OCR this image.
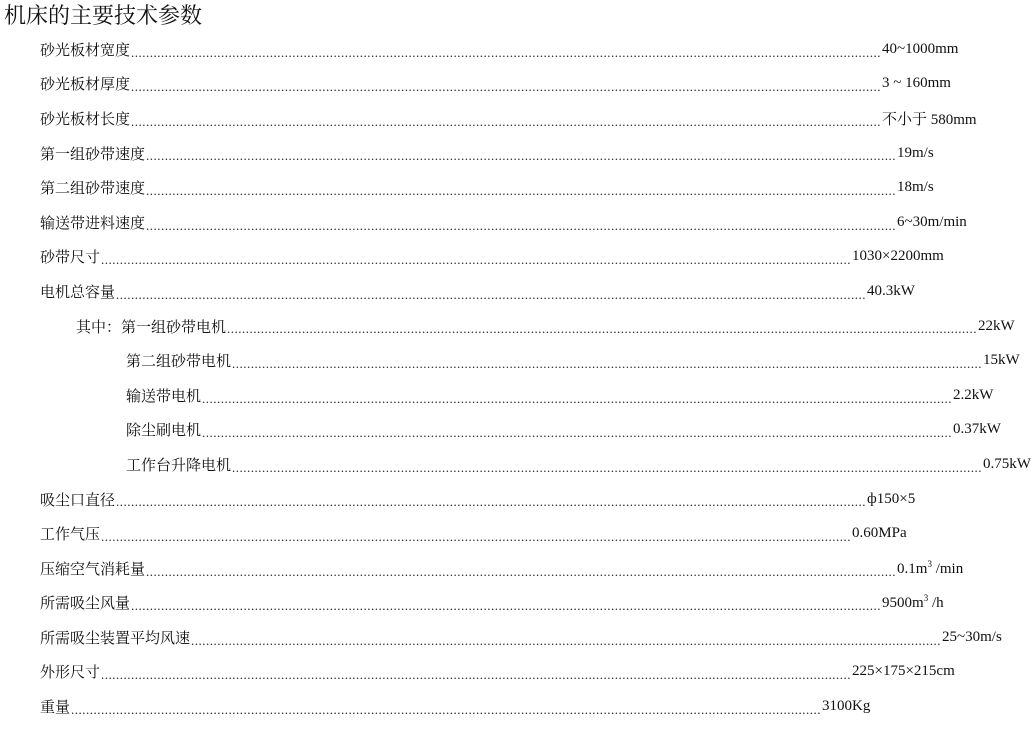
机床的主要技术参数
砂光板材宽度 ........................................................................................................................................................................................................ 40~1000mm
砂光板材厚度 ........................................................................................................................................................................................................ 3 ~ 160mm
砂光板材长度 ........................................................................................................................................................................................................ 不小于 580mm
第一组砂带速度 ........................................................................................................................................................................................................ 19m/s
第二组砂带速度 ........................................................................................................................................................................................................ 18m/s
输送带进料速度 ........................................................................................................................................................................................................ 6~30m/min
砂带尺寸 ........................................................................................................................................................................................................ 1030×2200mm
电机总容量 ........................................................................................................................................................................................................ 40.3kW
其中： 第一组砂带电机 ........................................................................................................................................................................................................ 22kW
第二组砂带电机 ........................................................................................................................................................................................................ 15kW
输送带电机 ........................................................................................................................................................................................................ 2.2kW
除尘刷电机 ........................................................................................................................................................................................................ 0.37kW
工作台升降电机 ........................................................................................................................................................................................................ 0.75kW
吸尘口直径 ........................................................................................................................................................................................................ ф150×5
工作气压 ........................................................................................................................................................................................................ 0.60MPa
压缩空气消耗量 ........................................................................................................................................................................................................ $0.1m^3$ /min
所需吸尘风量 ........................................................................................................................................................................................................ $9500m^3$ /h
所需吸尘装置平均风速 ........................................................................................................................................................................................................ 25~30m/s
外形尺寸 ........................................................................................................................................................................................................ 225×175×215cm
重量 ........................................................................................................................................................................................................ 3100Kg
